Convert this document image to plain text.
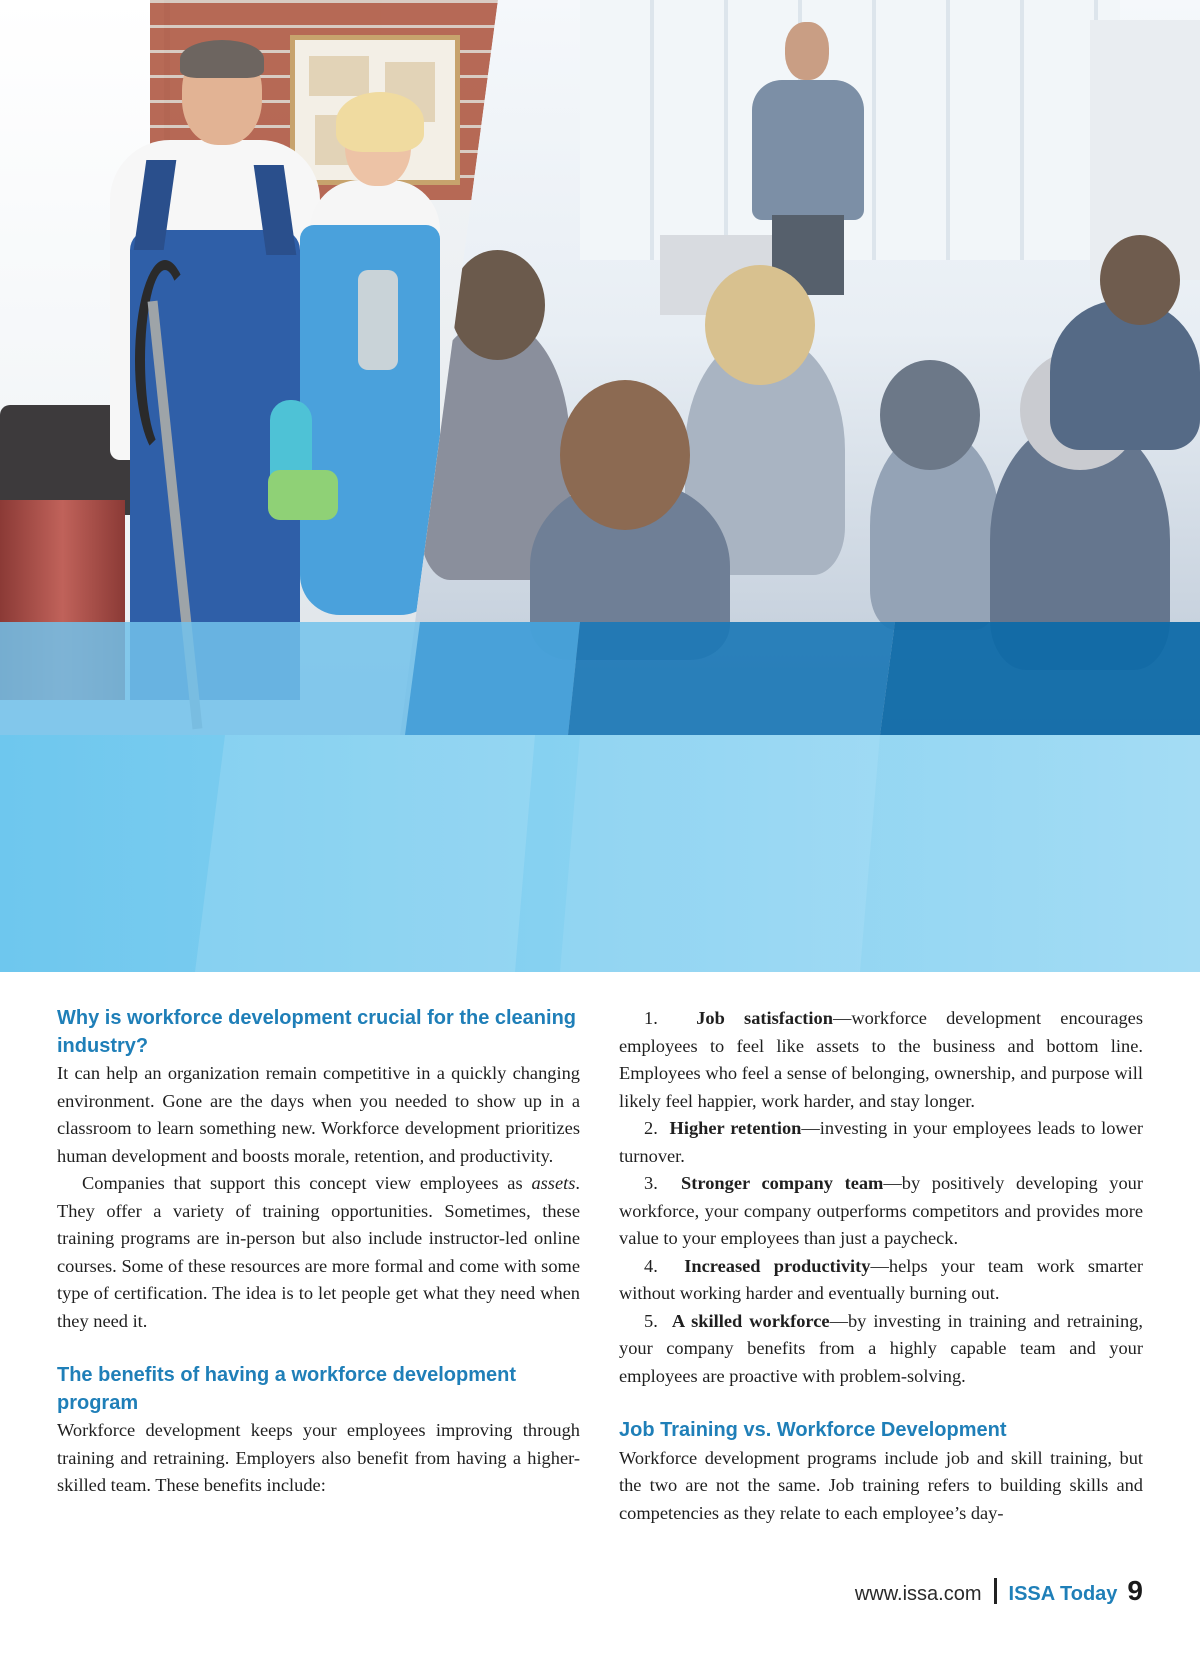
Why is workforce development crucial for the cleaning industry?

It can help an organization remain competitive in a quickly changing environment. Gone are the days when you needed to show up in a classroom to learn something new. Workforce development prioritizes human development and boosts morale, retention, and productivity.

Companies that support this concept view employees as assets. They offer a variety of training opportunities. Sometimes, these training programs are in-person but also include instructor-led online courses. Some of these resources are more formal and come with some type of certification. The idea is to let people get what they need when they need it.

The benefits of having a workforce development program

Workforce development keeps your employees improving through training and retraining. Employers also benefit from having a higher-skilled team. These benefits include:

1. Job satisfaction—workforce development encourages employees to feel like assets to the business and bottom line. Employees who feel a sense of belonging, ownership, and purpose will likely feel happier, work harder, and stay longer.
2. Higher retention—investing in your employees leads to lower turnover.
3. Stronger company team—by positively developing your workforce, your company outperforms competitors and provides more value to your employees than just a paycheck.
4. Increased productivity—helps your team work smarter without working harder and eventually burning out.
5. A skilled workforce—by investing in training and retraining, your company benefits from a highly capable team and your employees are proactive with problem-solving.
Job Training vs. Workforce Development

Workforce development programs include job and skill training, but the two are not the same. Job training refers to building skills and competencies as they relate to each employee’s day-

www.issa.com ISSA Today 9
